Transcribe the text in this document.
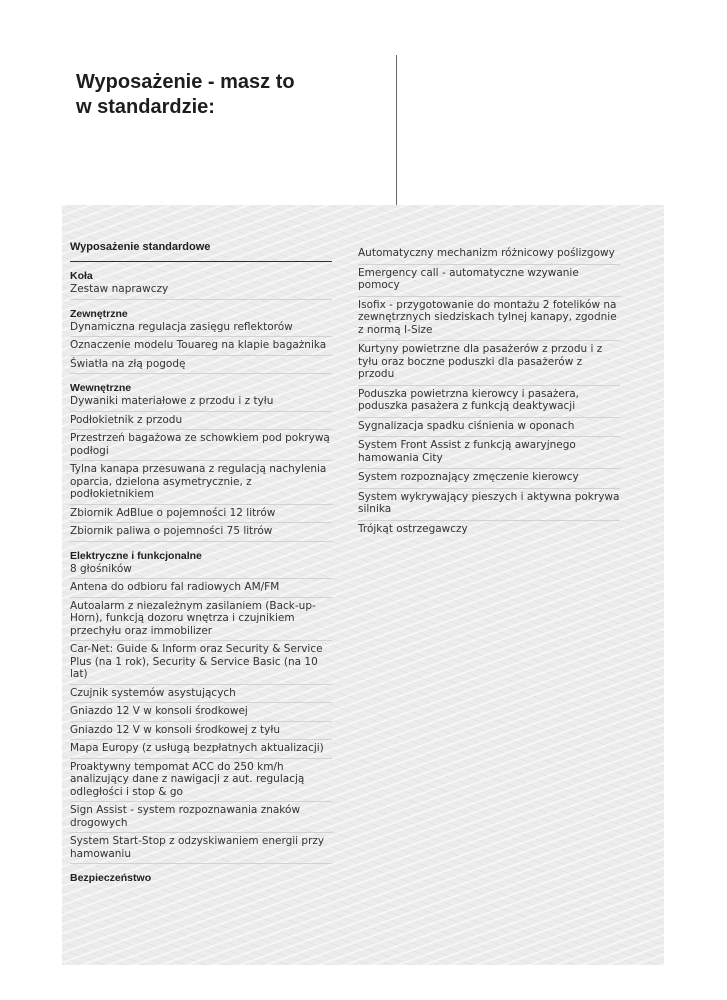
Wyposażenie - masz to
w standardzie:
Wyposażenie standardowe
Koła
Zestaw naprawczy
Zewnętrzne
Dynamiczna regulacja zasięgu reflektorów
Oznaczenie modelu Touareg na klapie bagażnika
Światła na złą pogodę
Wewnętrzne
Dywaniki materiałowe z przodu i z tyłu
Podłokietnik z przodu
Przestrzeń bagażowa ze schowkiem pod pokrywą podłogi
Tylna kanapa przesuwana z regulacją nachylenia oparcia, dzielona asymetrycznie, z podłokietnikiem
Zbiornik AdBlue o pojemności 12 litrów
Zbiornik paliwa o pojemności 75 litrów
Elektryczne i funkcjonalne
8 głośników
Antena do odbioru fal radiowych AM/FM
Autoalarm z niezależnym zasilaniem (Back-up-Horn), funkcją dozoru wnętrza i czujnikiem przechyłu oraz immobilizer
Car-Net: Guide & Inform oraz Security & Service Plus (na 1 rok), Security & Service Basic (na 10 lat)
Czujnik systemów asystujących
Gniazdo 12 V w konsoli środkowej
Gniazdo 12 V w konsoli środkowej z tyłu
Mapa Europy (z usługą bezpłatnych aktualizacji)
Proaktywny tempomat ACC do 250 km/h analizujący dane z nawigacji z aut. regulacją odległości i stop & go
Sign Assist - system rozpoznawania znaków drogowych
System Start-Stop z odzyskiwaniem energii przy hamowaniu
Bezpieczeństwo
Automatyczny mechanizm różnicowy poślizgowy
Emergency call - automatyczne wzywanie pomocy
Isofix - przygotowanie do montażu 2 fotelików na zewnętrznych siedziskach tylnej kanapy, zgodnie z normą I-Size
Kurtyny powietrzne dla pasażerów z przodu i z tyłu oraz boczne poduszki dla pasażerów z przodu
Poduszka powietrzna kierowcy i pasażera, poduszka pasażera z funkcją deaktywacji
Sygnalizacja spadku ciśnienia w oponach
System Front Assist z funkcją awaryjnego hamowania City
System rozpoznający zmęczenie kierowcy
System wykrywający pieszych i aktywna pokrywa silnika
Trójkąt ostrzegawczy
